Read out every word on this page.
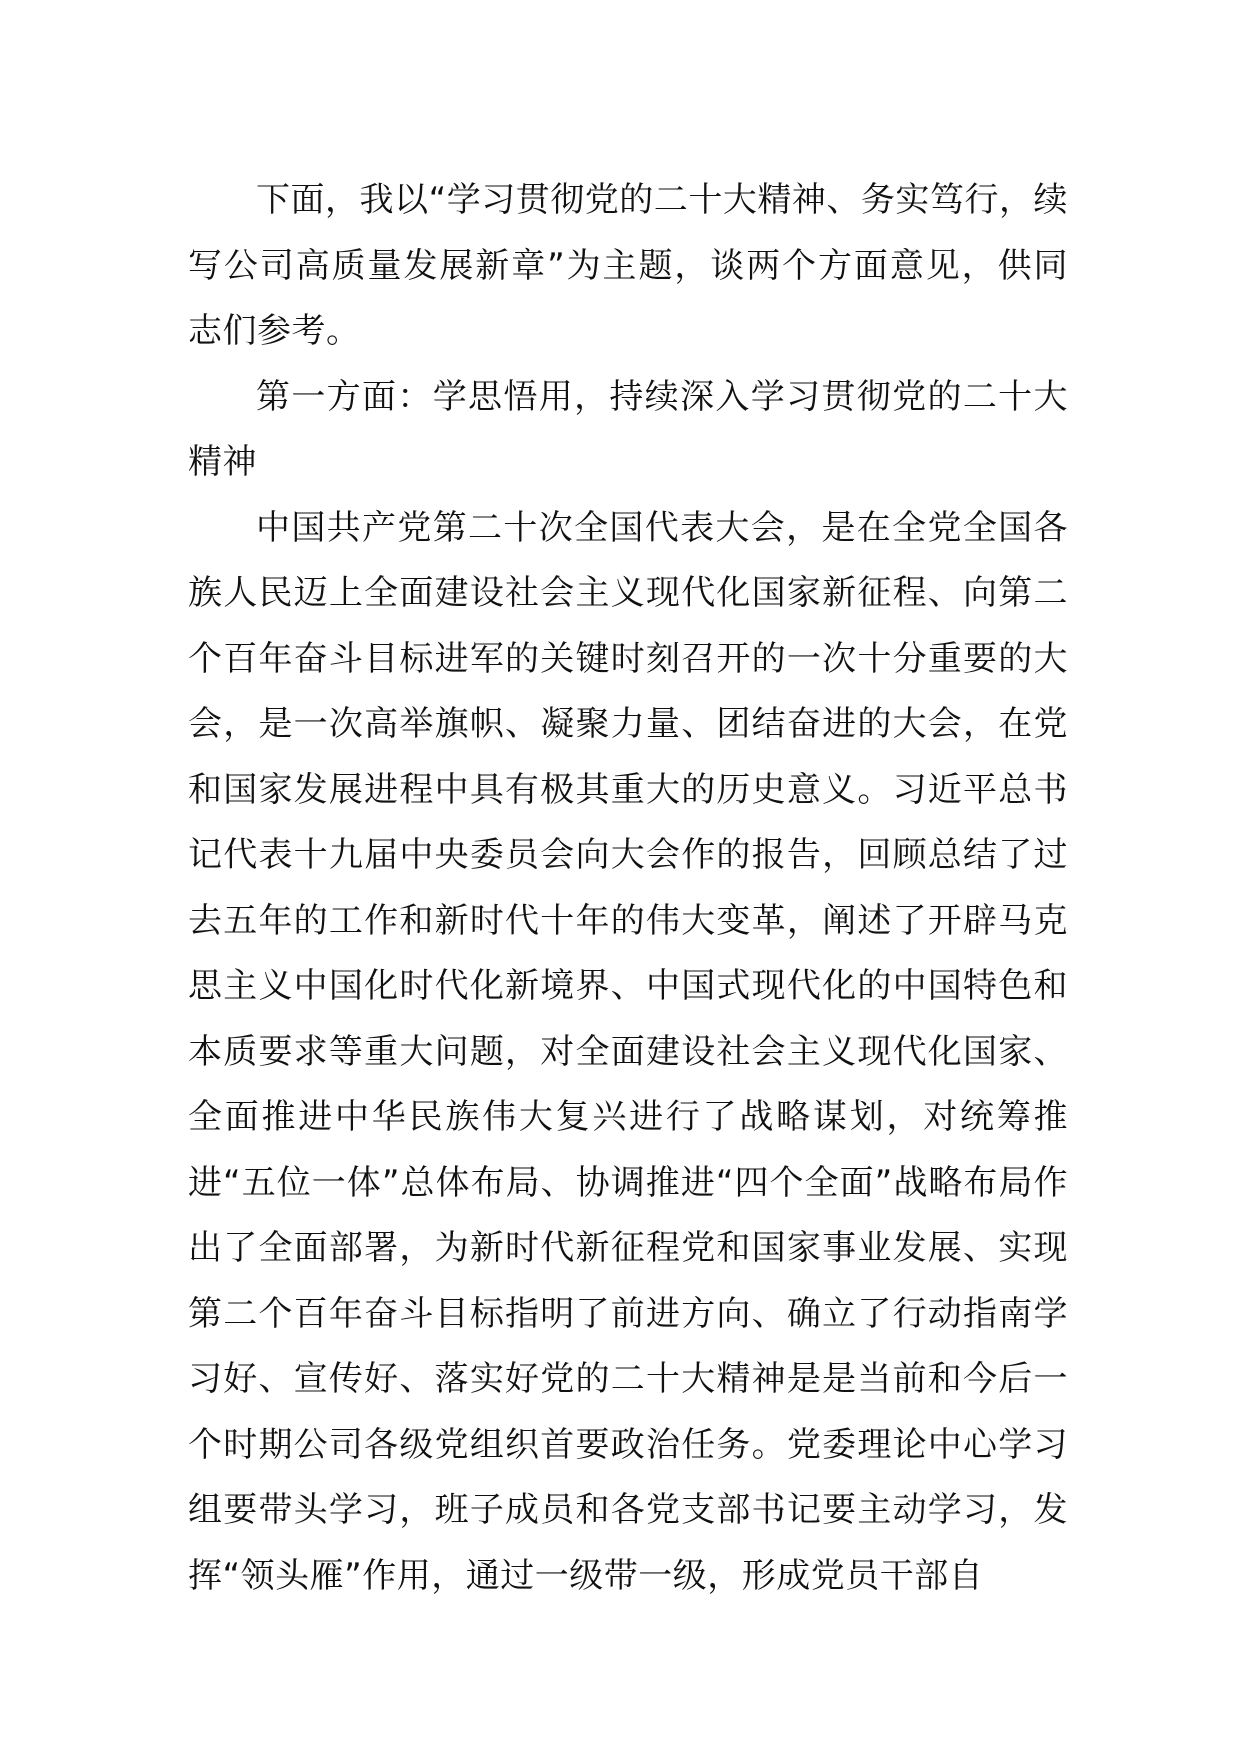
下面，我以“学习贯彻党的二十大精神、务实笃行，续写公司高质量发展新章”为主题，谈两个方面意见，供同志们参考。

第一方面：学思悟用，持续深入学习贯彻党的二十大精神

中国共产党第二十次全国代表大会，是在全党全国各族人民迈上全面建设社会主义现代化国家新征程、向第二个百年奋斗目标进军的关键时刻召开的一次十分重要的大会，是一次高举旗帜、凝聚力量、团结奋进的大会，在党和国家发展进程中具有极其重大的历史意义。习近平总书记代表十九届中央委员会向大会作的报告，回顾总结了过去五年的工作和新时代十年的伟大变革，阐述了开辟马克思主义中国化时代化新境界、中国式现代化的中国特色和本质要求等重大问题，对全面建设社会主义现代化国家、全面推进中华民族伟大复兴进行了战略谋划，对统筹推进“五位一体”总体布局、协调推进“四个全面”战略布局作出了全面部署，为新时代新征程党和国家事业发展、实现第二个百年奋斗目标指明了前进方向、确立了行动指南学习好、宣传好、落实好党的二十大精神是是当前和今后一个时期公司各级党组织首要政治任务。党委理论中心学习组要带头学习，班子成员和各党支部书记要主动学习，发挥“领头雁”作用，通过一级带一级，形成党员干部自
